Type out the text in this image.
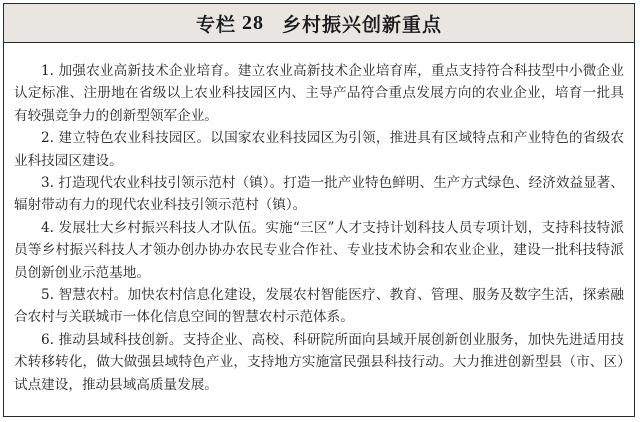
专栏 28 乡村振兴创新重点

1. 加强农业高新技术企业培育。建立农业高新技术企业培育库，重点支持符合科技型中小微企业认定标准、注册地在省级以上农业科技园区内、主导产品符合重点发展方向的农业企业，培育一批具有较强竞争力的创新型领军企业。

2. 建立特色农业科技园区。以国家农业科技园区为引领，推进具有区域特点和产业特色的省级农业科技园区建设。

3. 打造现代农业科技引领示范村（镇）。打造一批产业特色鲜明、生产方式绿色、经济效益显著、辐射带动有力的现代农业科技引领示范村（镇）。

4. 发展壮大乡村振兴科技人才队伍。实施“三区”人才支持计划科技人员专项计划，支持科技特派员等乡村振兴科技人才领办创办协办农民专业合作社、专业技术协会和农业企业，建设一批科技特派员创新创业示范基地。

5. 智慧农村。加快农村信息化建设，发展农村智能医疗、教育、管理、服务及数字生活，探索融合农村与关联城市一体化信息空间的智慧农村示范体系。

6. 推动县域科技创新。支持企业、高校、科研院所面向县域开展创新创业服务，加快先进适用技术转移转化，做大做强县域特色产业，支持地方实施富民强县科技行动。大力推进创新型县（市、区）试点建设，推动县域高质量发展。
